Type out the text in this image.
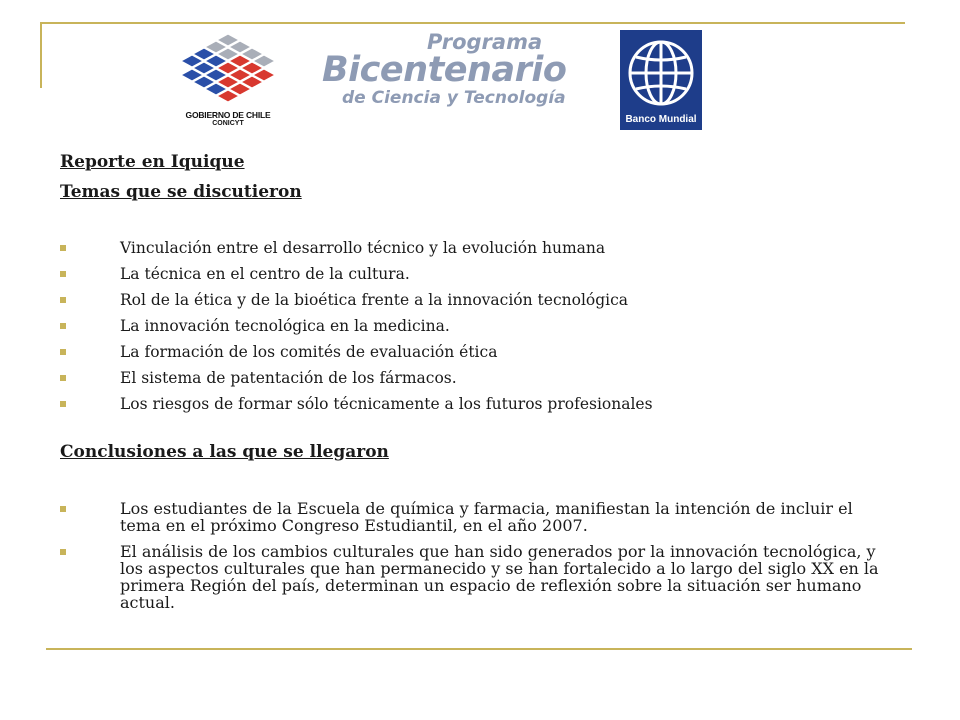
GOBIERNO DE CHILE
CONICYT
Programa
Bicentenario
de Ciencia y Tecnología
Banco Mundial
Reporte en Iquique
Temas que se discutieron
Vinculación entre el desarrollo técnico y la evolución humana
La técnica en el centro de la cultura.
Rol de la ética y de la bioética frente a la innovación tecnológica
La innovación tecnológica en la medicina.
La formación de los comités de evaluación ética
El sistema de patentación de los fármacos.
Los riesgos de formar sólo técnicamente a los futuros profesionales
Conclusiones a las que se llegaron
Los estudiantes de la Escuela de química y farmacia, manifiestan la intención de incluir el tema en el próximo Congreso Estudiantil, en el año 2007.
El análisis de los cambios culturales que han sido generados por la innovación tecnológica, y los aspectos culturales que han permanecido y se han fortalecido a lo largo del siglo XX en la primera Región del país, determinan un espacio de reflexión sobre la situación ser humano actual.
